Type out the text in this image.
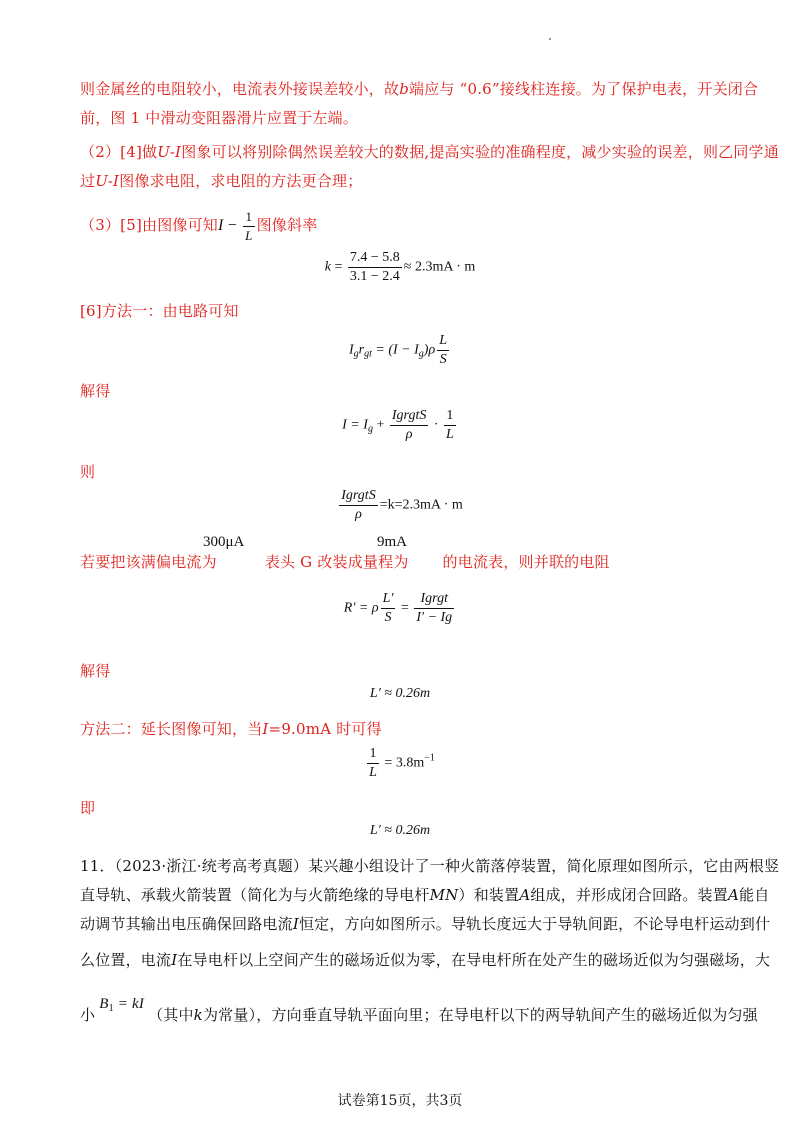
则金属丝的电阻较小，电流表外接误差较小，故b端应与 “0.6”接线柱连接。为了保护电表，开关闭合
前，图 1 中滑动变阻器滑片应置于左端。
（2）[4]做U-I图象可以将别除偶然误差较大的数据,提高实验的准确程度，减少实验的误差，则乙同学通
过U-I图像求电阻，求电阻的方法更合理；
（3）[5]由图像可知$I - \frac{1}{L}$ 图像斜率
$k = \frac{7.4 - 5.8}{3.1 - 2.4} \approx 2.3mA \cdot m$
[6]方法一：由电路可知
$I_gr_{gt} = (I - I_g)\rho \frac{L}{S}$
解得
$I = I_g + \frac{\text{IgrgtS}}{\rho} \cdot \frac{1}{L}$
则
$\frac{\text{IgrgtS}}{\rho} =k=2.3mA \cdot m$
300μA	9mA
若要把该满偏电流为	表头 G 改装成量程为 的电流表，则并联的电阻
R′ = ρ $\frac{L'}{S} = \frac{\text{Igrgt}}{I' - Ig}$
解得
L′ ≈ 0.26m
方法二：延长图像可知，当I=9.0mA 时可得
$\frac{1}{L} = 3.8m^{-1}$
即
L′ ≈ 0.26m
11．（2023·浙江·统考高考真题）某兴趣小组设计了一种火箭落停装置，简化原理如图所示，它由两根竖
直导轨、承载火箭装置（简化为与火箭绝缘的导电杆MN）和装置A组成，并形成闭合回路。装置A能自
动调节其输出电压确保回路电流I恒定，方向如图所示。导轨长度远大于导轨间距，不论导电杆运动到什
么位置，电流I在导电杆以上空间产生的磁场近似为零，在导电杆所在处产生的磁场近似为匀强磁场，大
小$B_1 = kI$（其中k为常量），方向垂直导轨平面向里；在导电杆以下的两导轨间产生的磁场近似为匀强
试卷第15页，共3页
